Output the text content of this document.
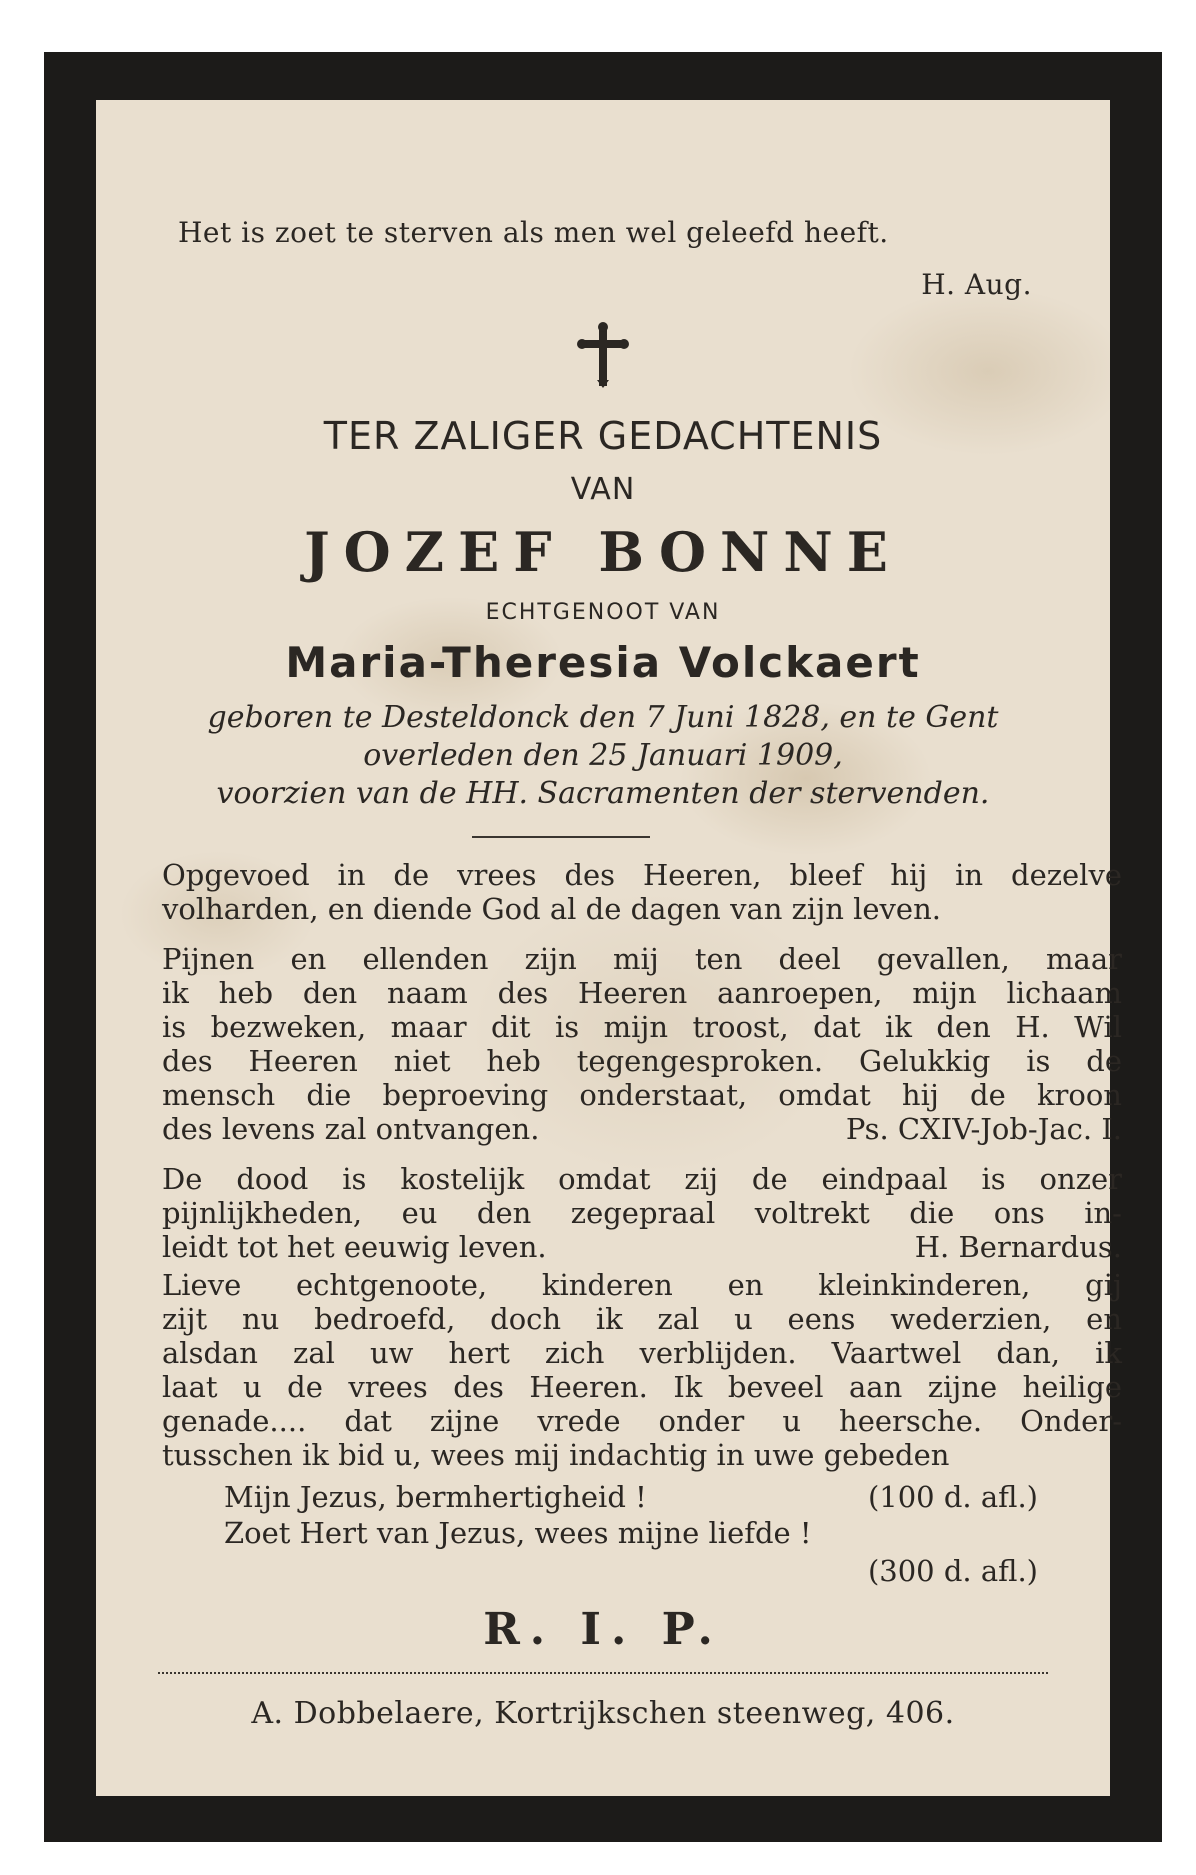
Het is zoet te sterven als men wel geleefd heeft.
H. Aug.
TER ZALIGER GEDACHTENIS
VAN
JOZEF BONNE
ECHTGENOOT VAN
Maria-Theresia Volckaert
geboren te Desteldonck den 7 Juni 1828, en te Gent
overleden den 25 Januari 1909,
voorzien van de HH. Sacramenten der stervenden.
Opgevoed in de vrees des Heeren, bleef hij in dezelve
volharden, en diende God al de dagen van zijn leven.
Pijnen en ellenden zijn mij ten deel gevallen, maar
ik heb den naam des Heeren aanroepen, mijn lichaam
is bezweken, maar dit is mijn troost, dat ik den H. Wil
des Heeren niet heb tegengesproken. Gelukkig is de
mensch die beproeving onderstaat, omdat hij de kroon
des levens zal ontvangen.	Ps. CXIV-Job-Jac. I.
De dood is kostelijk omdat zij de eindpaal is onzer
pijnlijkheden, eu den zegepraal voltrekt die ons in-
leidt tot het eeuwig leven.	H. Bernardus.
Lieve echtgenoote, kinderen en kleinkinderen, gij
zijt nu bedroefd, doch ik zal u eens wederzien, en
alsdan zal uw hert zich verblijden. Vaartwel dan, ik
laat u de vrees des Heeren. Ik beveel aan zijne heilige
genade.... dat zijne vrede onder u heersche. Onder-
tusschen ik bid u, wees mij indachtig in uwe gebeden
Mijn Jezus, bermhertigheid !	(100 d. afl.)
Zoet Hert van Jezus, wees mijne liefde !
(300 d. afl.)
R. I. P.
A. Dobbelaere, Kortrijkschen steenweg, 406.
